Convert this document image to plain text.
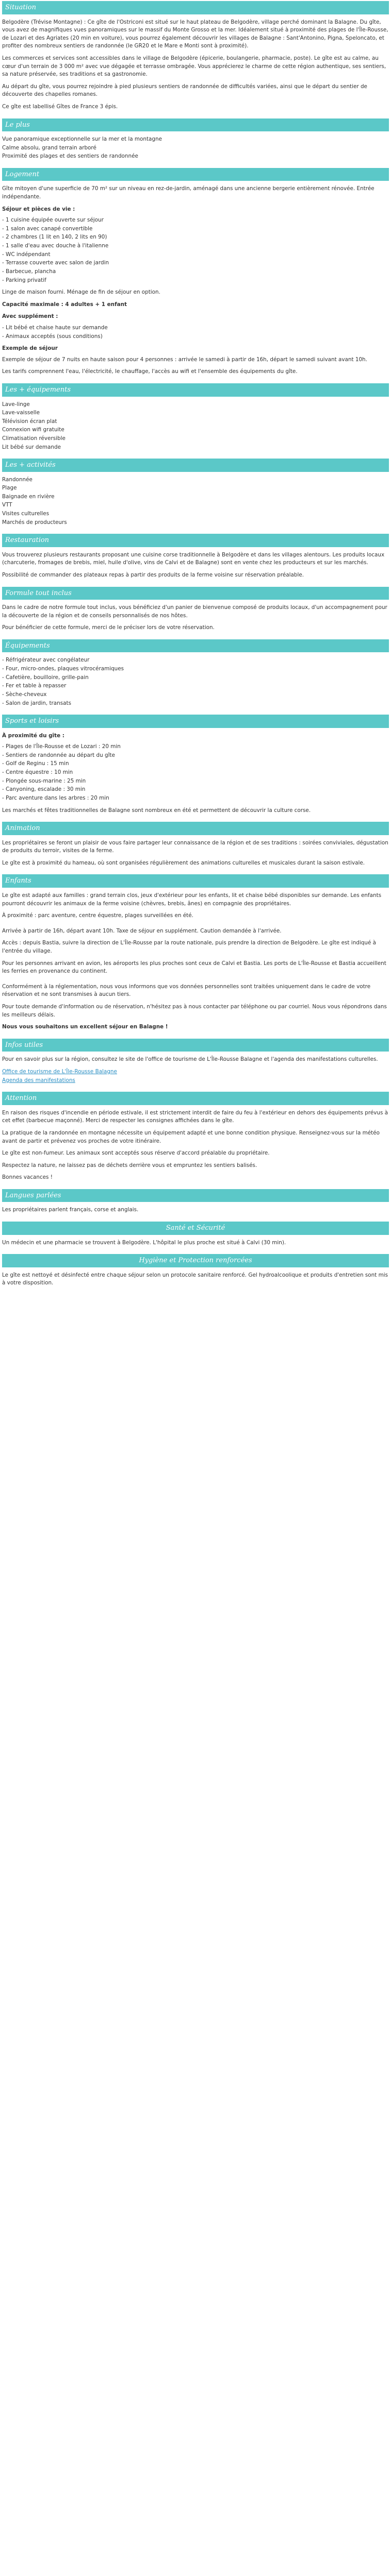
Situation

Belgodère (Trévise Montagne) : Ce gîte de l'Ostriconi est situé sur le haut plateau de Belgodère, village perché dominant la Balagne. Du gîte, vous avez de magnifiques vues panoramiques sur le massif du Monte Grosso et la mer. Idéalement situé à proximité des plages de l'Île-Rousse, de Lozari et des Agriates (20 min en voiture), vous pourrez également découvrir les villages de Balagne : Sant'Antonino, Pigna, Speloncato, et profiter des nombreux sentiers de randonnée (le GR20 et le Mare e Monti sont à proximité).

Les commerces et services sont accessibles dans le village de Belgodère (épicerie, boulangerie, pharmacie, poste). Le gîte est au calme, au cœur d'un terrain de 3 000 m² avec vue dégagée et terrasse ombragée. Vous apprécierez le charme de cette région authentique, ses sentiers, sa nature préservée, ses traditions et sa gastronomie.

Au départ du gîte, vous pourrez rejoindre à pied plusieurs sentiers de randonnée de difficultés variées, ainsi que le départ du sentier de découverte des chapelles romanes.

Ce gîte est labellisé Gîtes de France 3 épis.

Le plus
Vue panoramique exceptionnelle sur la mer et la montagne
Calme absolu, grand terrain arboré
Proximité des plages et des sentiers de randonnée
Logement

Gîte mitoyen d'une superficie de 70 m² sur un niveau en rez-de-jardin, aménagé dans une ancienne bergerie entièrement rénovée. Entrée indépendante.

Séjour et pièces de vie :
- 1 cuisine équipée ouverte sur séjour
- 1 salon avec canapé convertible
- 2 chambres (1 lit en 140, 2 lits en 90)
- 1 salle d'eau avec douche à l'italienne
- WC indépendant
- Terrasse couverte avec salon de jardin
- Barbecue, plancha
- Parking privatif

Linge de maison fourni. Ménage de fin de séjour en option.

Capacité maximale : 4 adultes + 1 enfant

Avec supplément :
- Lit bébé et chaise haute sur demande
- Animaux acceptés (sous conditions)
Exemple de séjour

Exemple de séjour de 7 nuits en haute saison pour 4 personnes : arrivée le samedi à partir de 16h, départ le samedi suivant avant 10h.

Les tarifs comprennent l'eau, l'électricité, le chauffage, l'accès au wifi et l'ensemble des équipements du gîte.

Les + équipements
Lave-linge
Lave-vaisselle
Télévision écran plat
Connexion wifi gratuite
Climatisation réversible
Lit bébé sur demande
Les + activités
Randonnée
Plage
Baignade en rivière
VTT
Visites culturelles
Marchés de producteurs
Restauration

Vous trouverez plusieurs restaurants proposant une cuisine corse traditionnelle à Belgodère et dans les villages alentours. Les produits locaux (charcuterie, fromages de brebis, miel, huile d'olive, vins de Calvi et de Balagne) sont en vente chez les producteurs et sur les marchés.

Possibilité de commander des plateaux repas à partir des produits de la ferme voisine sur réservation préalable.

Formule tout inclus

Dans le cadre de notre formule tout inclus, vous bénéficiez d'un panier de bienvenue composé de produits locaux, d'un accompagnement pour la découverte de la région et de conseils personnalisés de nos hôtes.

Pour bénéficier de cette formule, merci de le préciser lors de votre réservation.

Équipements
- Réfrigérateur avec congélateur
- Four, micro-ondes, plaques vitrocéramiques
- Cafetière, bouilloire, grille-pain
- Fer et table à repasser
- Sèche-cheveux
- Salon de jardin, transats
Sports et loisirs
À proximité du gîte :
- Plages de l'Île-Rousse et de Lozari : 20 min
- Sentiers de randonnée au départ du gîte
- Golf de Reginu : 15 min
- Centre équestre : 10 min
- Plongée sous-marine : 25 min
- Canyoning, escalade : 30 min
- Parc aventure dans les arbres : 20 min

Les marchés et fêtes traditionnelles de Balagne sont nombreux en été et permettent de découvrir la culture corse.

Animation

Les propriétaires se feront un plaisir de vous faire partager leur connaissance de la région et de ses traditions : soirées conviviales, dégustation de produits du terroir, visites de la ferme.

Le gîte est à proximité du hameau, où sont organisées régulièrement des animations culturelles et musicales durant la saison estivale.

Enfants

Le gîte est adapté aux familles : grand terrain clos, jeux d'extérieur pour les enfants, lit et chaise bébé disponibles sur demande. Les enfants pourront découvrir les animaux de la ferme voisine (chèvres, brebis, ânes) en compagnie des propriétaires.

À proximité : parc aventure, centre équestre, plages surveillées en été.

Arrivée à partir de 16h, départ avant 10h. Taxe de séjour en supplément. Caution demandée à l'arrivée.

Accès : depuis Bastia, suivre la direction de L'Île-Rousse par la route nationale, puis prendre la direction de Belgodère. Le gîte est indiqué à l'entrée du village.

Pour les personnes arrivant en avion, les aéroports les plus proches sont ceux de Calvi et Bastia. Les ports de L'Île-Rousse et Bastia accueillent les ferries en provenance du continent.

Conformément à la réglementation, nous vous informons que vos données personnelles sont traitées uniquement dans le cadre de votre réservation et ne sont transmises à aucun tiers.

Pour toute demande d'information ou de réservation, n'hésitez pas à nous contacter par téléphone ou par courriel. Nous vous répondrons dans les meilleurs délais.

Nous vous souhaitons un excellent séjour en Balagne !

Infos utiles

Pour en savoir plus sur la région, consultez le site de l'office de tourisme de L'Île-Rousse Balagne et l'agenda des manifestations culturelles.

Office de tourisme de L'Île-Rousse Balagne
Agenda des manifestations
Attention

En raison des risques d'incendie en période estivale, il est strictement interdit de faire du feu à l'extérieur en dehors des équipements prévus à cet effet (barbecue maçonné). Merci de respecter les consignes affichées dans le gîte.

La pratique de la randonnée en montagne nécessite un équipement adapté et une bonne condition physique. Renseignez-vous sur la météo avant de partir et prévenez vos proches de votre itinéraire.

Le gîte est non-fumeur. Les animaux sont acceptés sous réserve d'accord préalable du propriétaire.

Respectez la nature, ne laissez pas de déchets derrière vous et empruntez les sentiers balisés.

Bonnes vacances !

Langues parlées

Les propriétaires parlent français, corse et anglais.

Santé et Sécurité

Un médecin et une pharmacie se trouvent à Belgodère. L'hôpital le plus proche est situé à Calvi (30 min).

Hygiène et Protection renforcées

Le gîte est nettoyé et désinfecté entre chaque séjour selon un protocole sanitaire renforcé. Gel hydroalcoolique et produits d'entretien sont mis à votre disposition.
